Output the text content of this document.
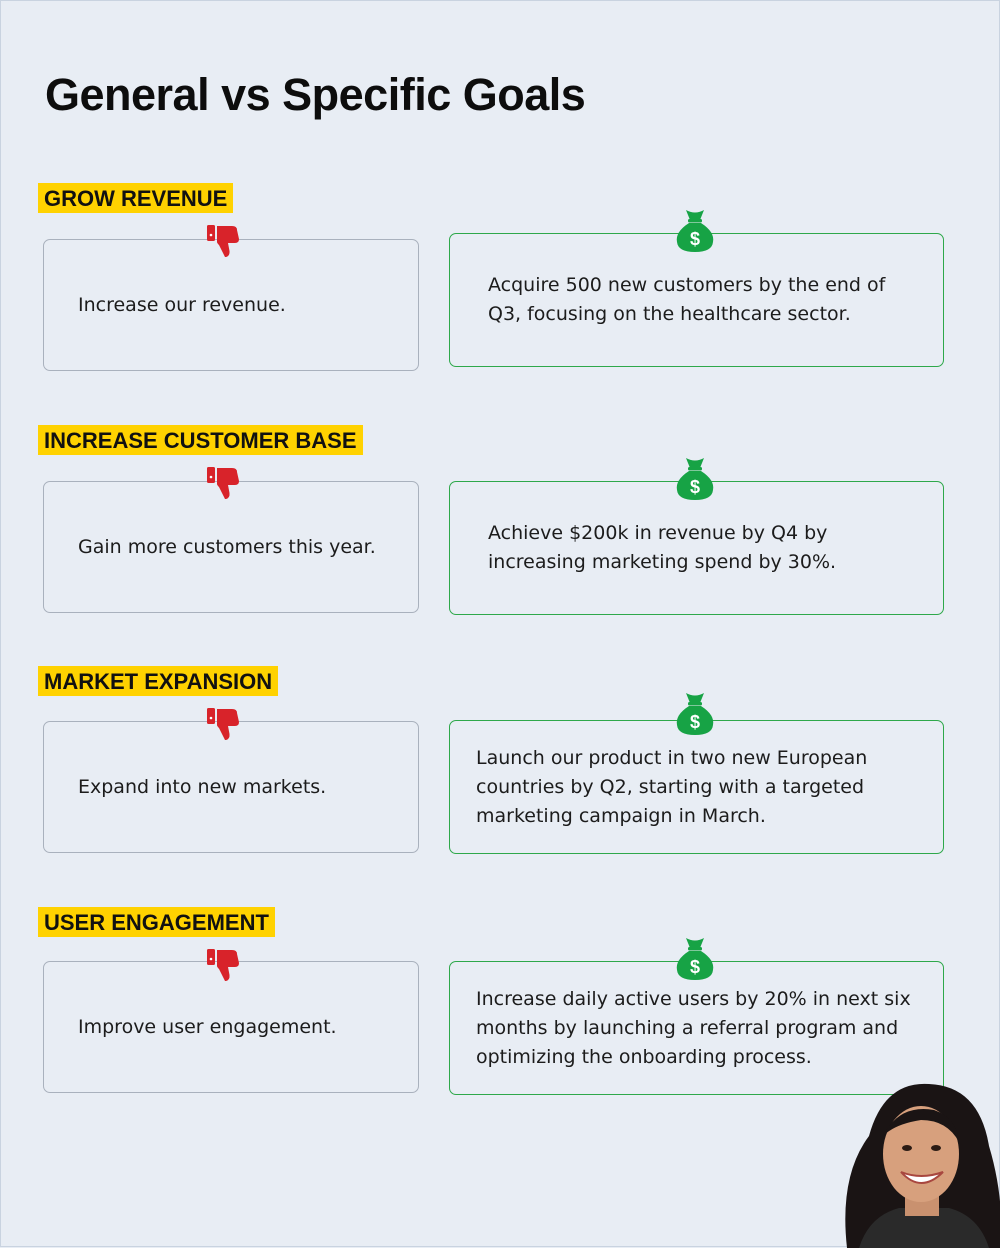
General vs Specific Goals
GROW REVENUE
Increase our revenue.
Acquire 500 new customers by the end of Q3, focusing on the healthcare sector.
$
INCREASE CUSTOMER BASE
Gain more customers this year.
Achieve $200k in revenue by Q4 by increasing marketing spend by 30%.
$
MARKET EXPANSION
Expand into new markets.
Launch our product in two new European countries by Q2, starting with a targeted marketing campaign in March.
$
USER ENGAGEMENT
Improve user engagement.
Increase daily active users by 20% in next six months by launching a referral program and optimizing the onboarding process.
$
